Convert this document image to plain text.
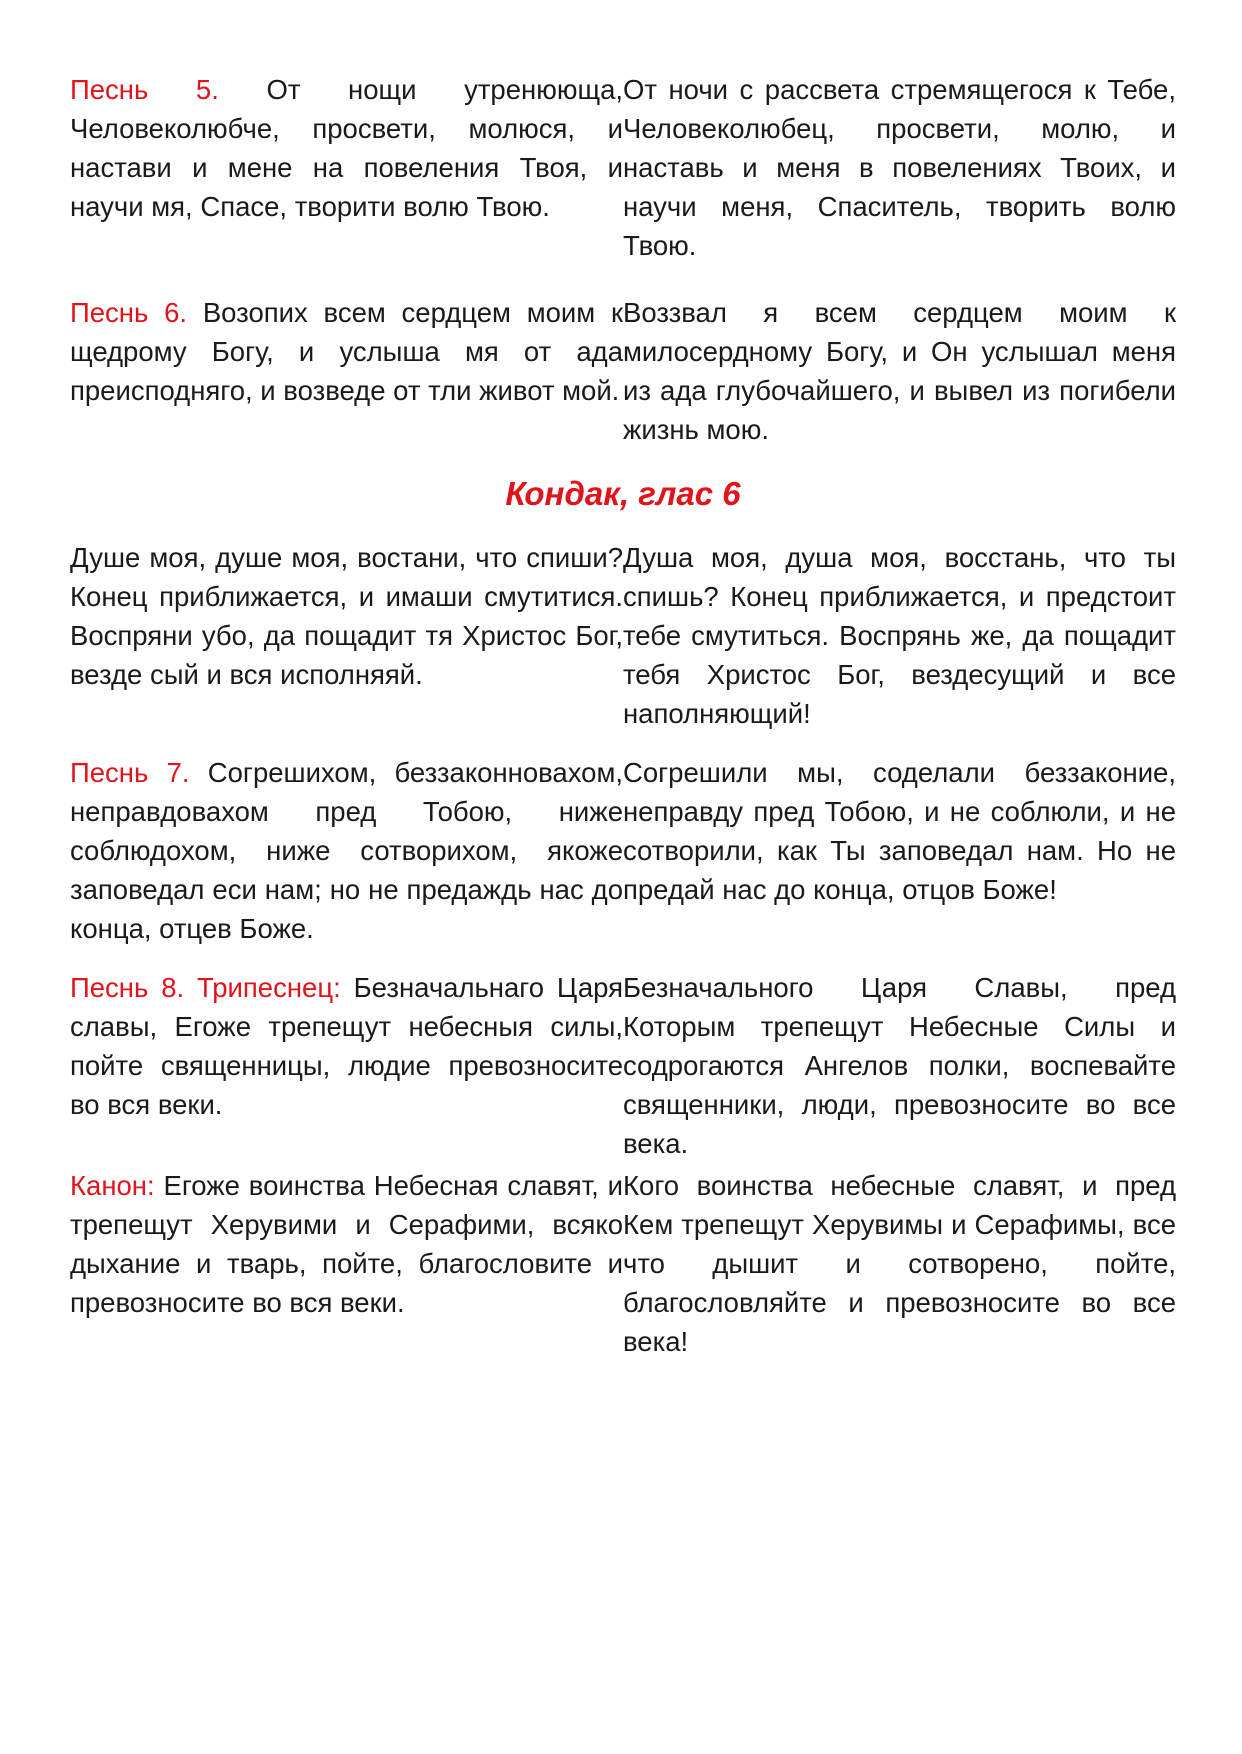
Песнь 5. От нощи утренююща, Человеколюбче, просвети, молюся, и настави и мене на повеления Твоя, и научи мя, Спасе, творити волю Твою.
От ночи с рассвета стремящегося к Тебе, Человеколюбец, просвети, молю, и наставь и меня в повелениях Твоих, и научи меня, Спаситель, творить волю Твою.
Песнь 6. Возопих всем сердцем моим к щедрому Богу, и услыша мя от ада преисподняго, и возведе от тли живот мой.
Воззвал я всем сердцем моим к милосердному Богу, и Он услышал меня из ада глубочайшего, и вывел из погибели жизнь мою.
Кондак, глас 6
Душе моя, душе моя, востани, что спиши? Конец приближается, и имаши смутитися. Воспряни убо, да пощадит тя Христос Бог, везде сый и вся исполняяй.
Душа моя, душа моя, восстань, что ты спишь? Конец приближается, и предстоит тебе смутиться. Воспрянь же, да пощадит тебя Христос Бог, вездесущий и все наполняющий!
Песнь 7. Согрешихом, беззаконновахом, неправдовахом пред Тобою, ниже соблюдохом, ниже сотворихом, якоже заповедал еси нам; но не предаждь нас до конца, отцев Боже.
Согрешили мы, соделали беззаконие, неправду пред Тобою, и не соблюли, и не сотворили, как Ты заповедал нам. Но не предай нас до конца, отцов Боже!
Песнь 8. Трипеснец: Безначальнаго Царя славы, Егоже трепещут небесныя силы, пойте священницы, людие превозносите во вся веки.
Безначального Царя Славы, пред Которым трепещут Небесные Силы и содрогаются Ангелов полки, воспевайте священники, люди, превозносите во все века.
Канон: Егоже воинства Небесная славят, и трепещут Херувими и Серафими, всяко дыхание и тварь, пойте, благословите и превозносите во вся веки.
Кого воинства небесные славят, и пред Кем трепещут Херувимы и Серафимы, все что дышит и сотворено, пойте, благословляйте и превозносите во все века!
